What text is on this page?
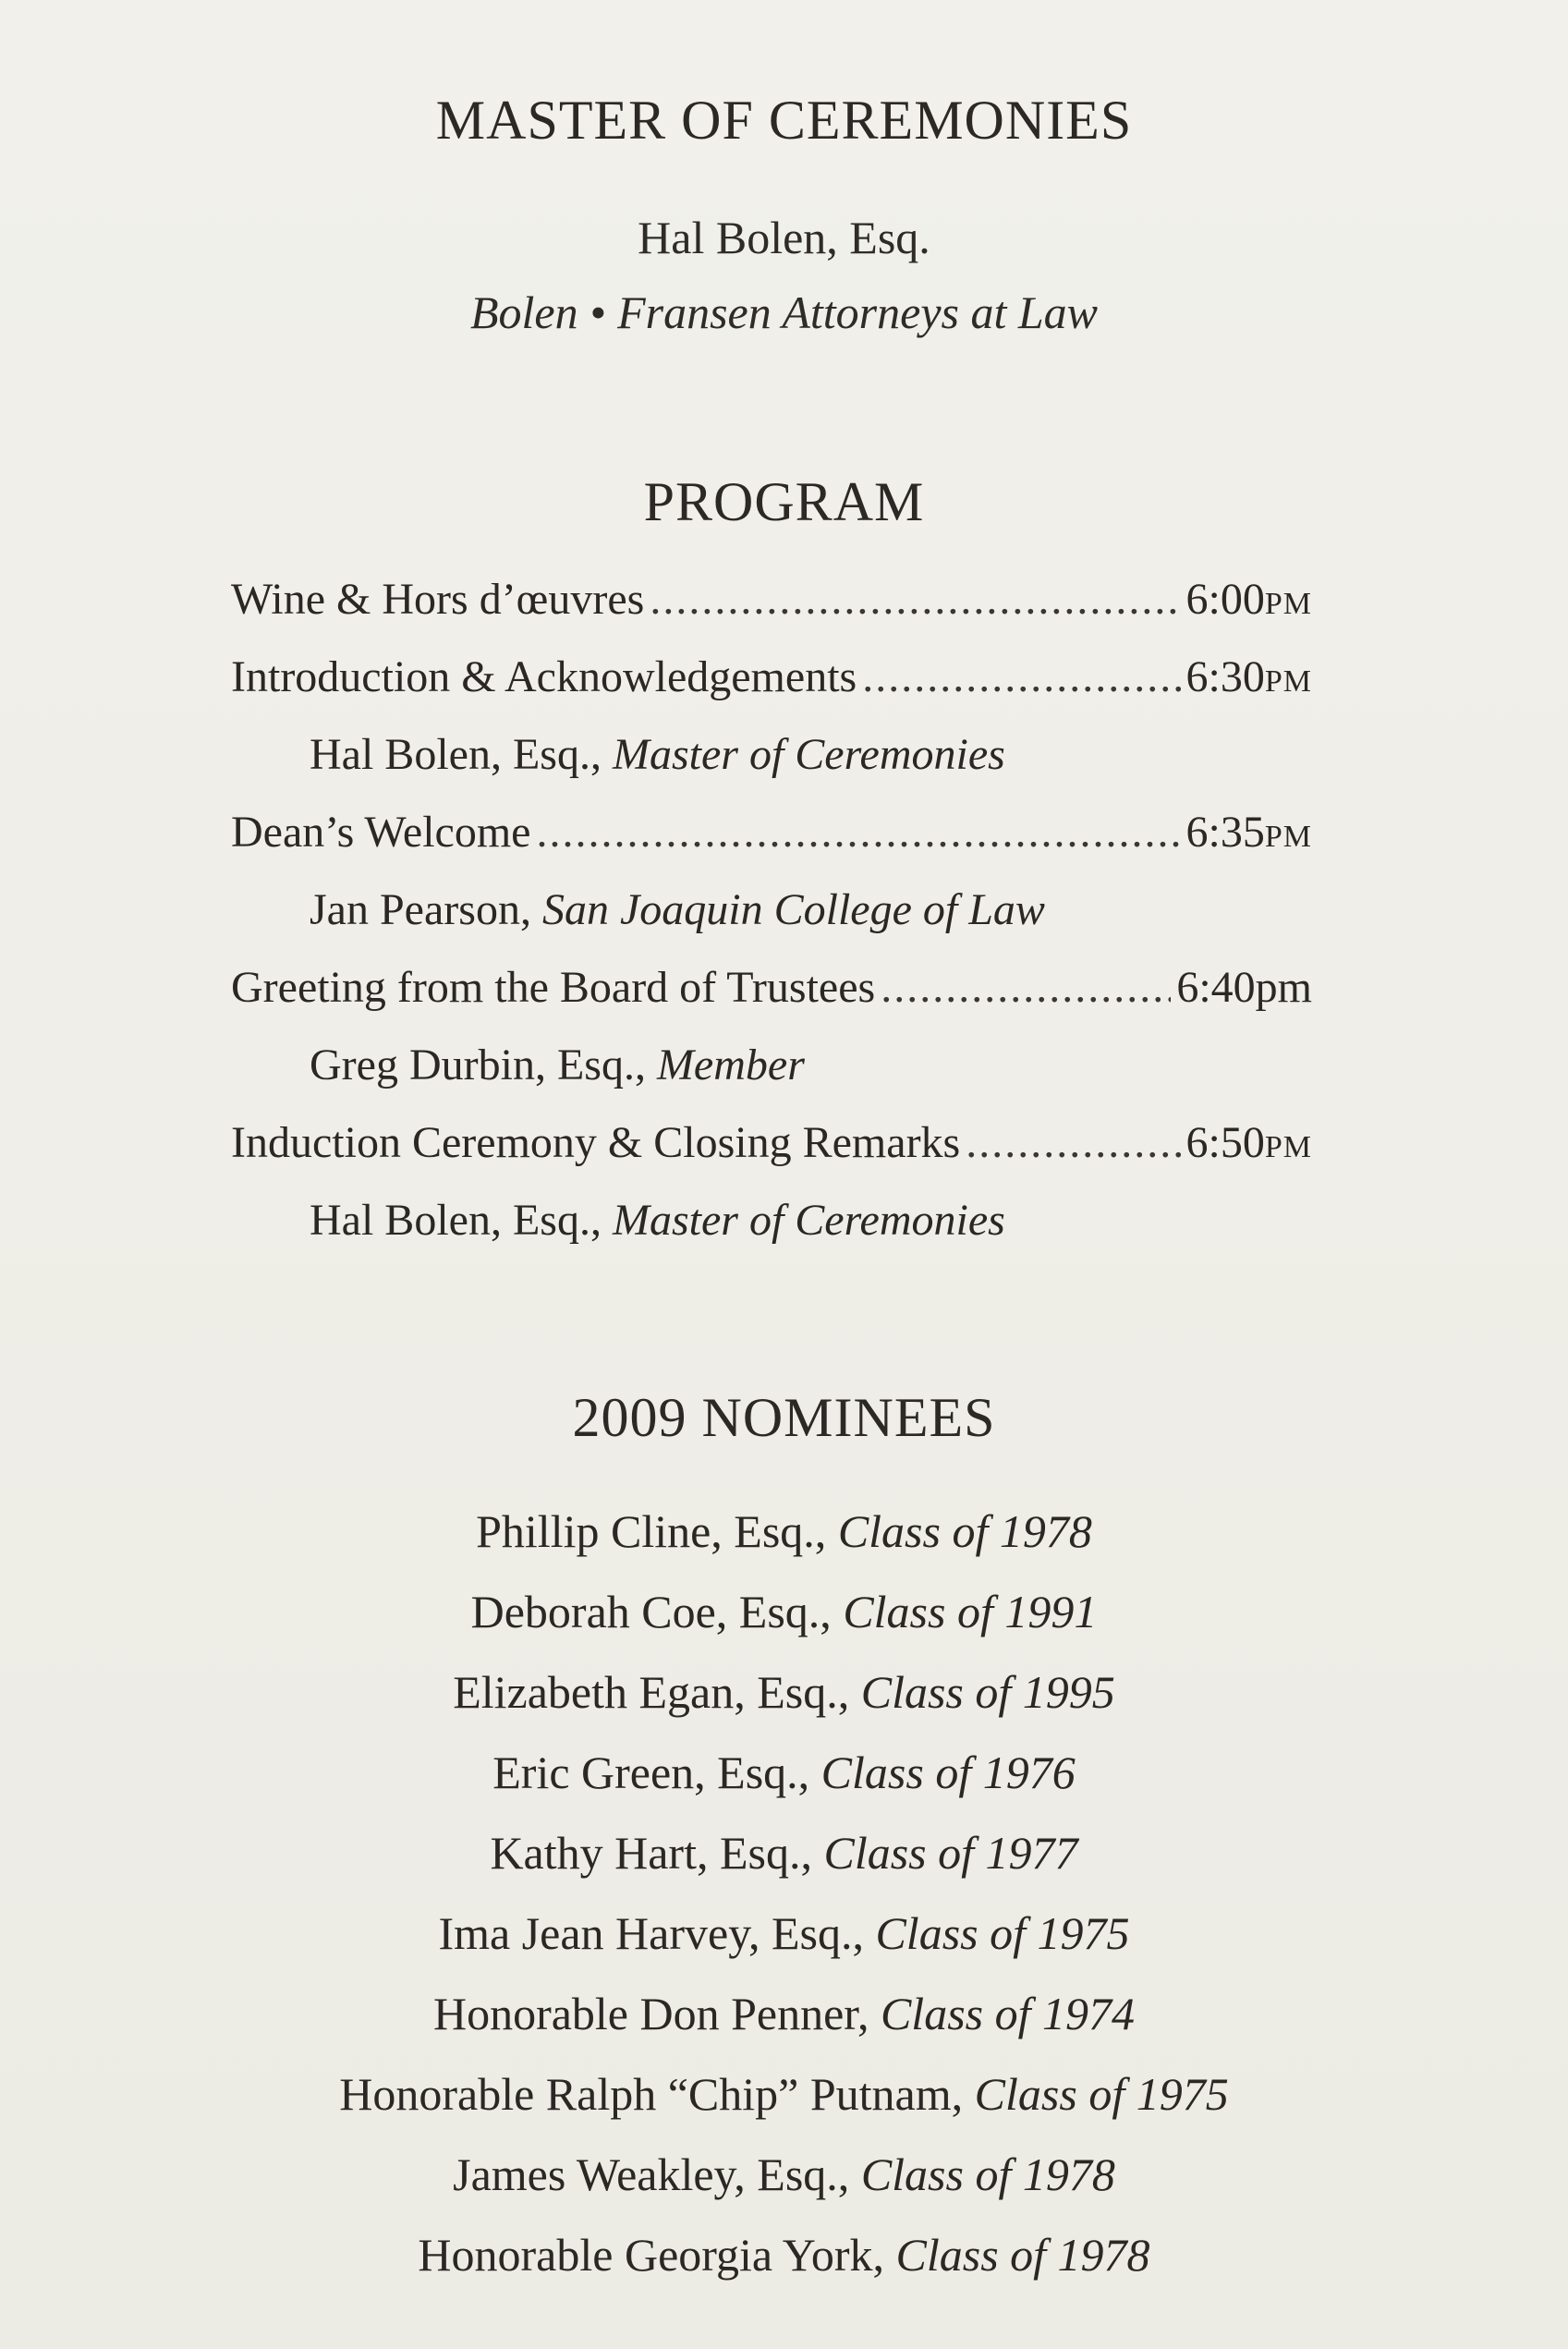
MASTER OF CEREMONIES
Hal Bolen, Esq.
Bolen • Fransen Attorneys at Law
PROGRAM
Wine & Hors d’œuvres .....	6:00PM
Introduction & Acknowledgements .....	6:30PM
Hal Bolen, Esq., Master of Ceremonies
Dean’s Welcome .....	6:35PM
Jan Pearson, San Joaquin College of Law
Greeting from the Board of Trustees .....	6:40pm
Greg Durbin, Esq., Member
Induction Ceremony & Closing Remarks .....	6:50PM
Hal Bolen, Esq., Master of Ceremonies
2009 NOMINEES
Phillip Cline, Esq., Class of 1978
Deborah Coe, Esq., Class of 1991
Elizabeth Egan, Esq., Class of 1995
Eric Green, Esq., Class of 1976
Kathy Hart, Esq., Class of 1977
Ima Jean Harvey, Esq., Class of 1975
Honorable Don Penner, Class of 1974
Honorable Ralph “Chip” Putnam, Class of 1975
James Weakley, Esq., Class of 1978
Honorable Georgia York, Class of 1978
